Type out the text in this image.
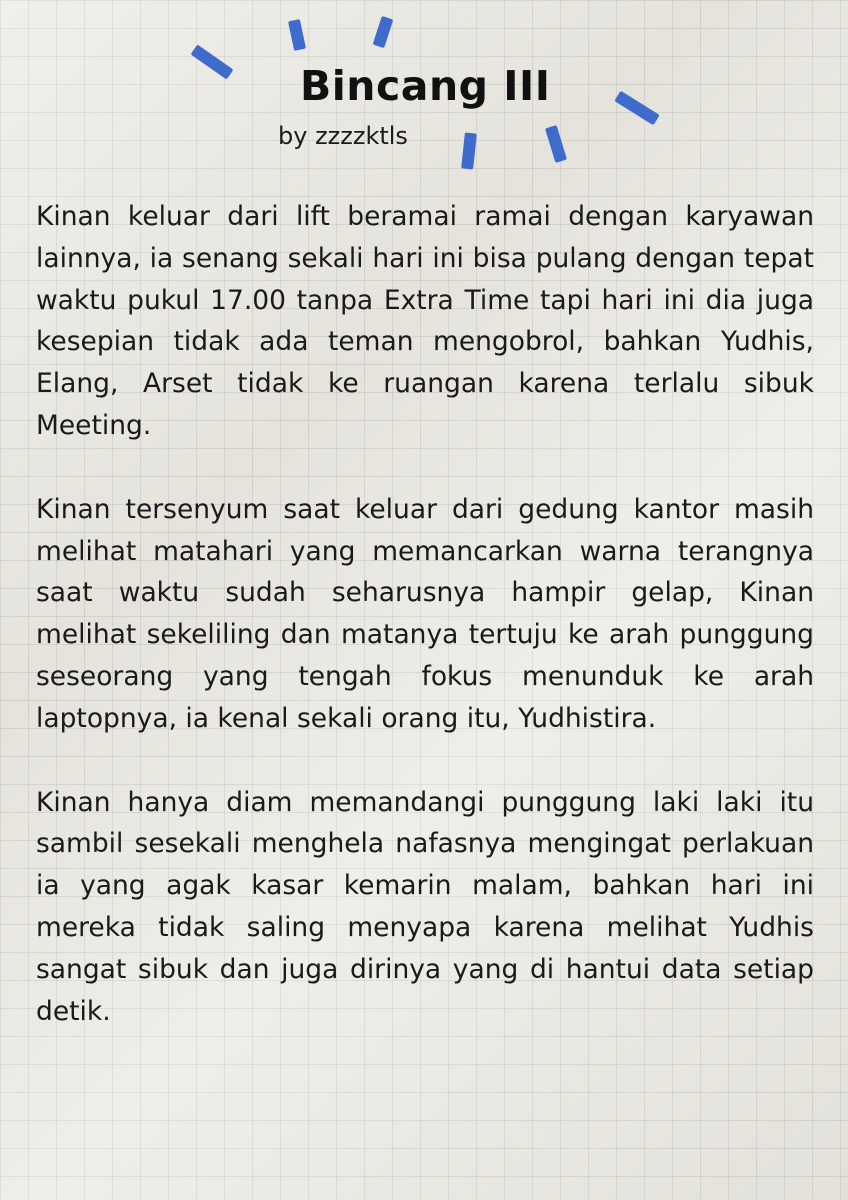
Bincang III
by zzzzktls

Kinan keluar dari lift beramai ramai dengan karyawan lainnya, ia senang sekali hari ini bisa pulang dengan tepat waktu pukul 17.00 tanpa Extra Time tapi hari ini dia juga kesepian tidak ada teman mengobrol, bahkan Yudhis, Elang, Arset tidak ke ruangan karena terlalu sibuk Meeting.

Kinan tersenyum saat keluar dari gedung kantor masih melihat matahari yang memancarkan warna terangnya saat waktu sudah seharusnya hampir gelap, Kinan melihat sekeliling dan matanya tertuju ke arah punggung seseorang yang tengah fokus menunduk ke arah laptopnya, ia kenal sekali orang itu, Yudhistira.

Kinan hanya diam memandangi punggung laki laki itu sambil sesekali menghela nafasnya mengingat perlakuan ia yang agak kasar kemarin malam, bahkan hari ini mereka tidak saling menyapa karena melihat Yudhis sangat sibuk dan juga dirinya yang di hantui data setiap detik.
